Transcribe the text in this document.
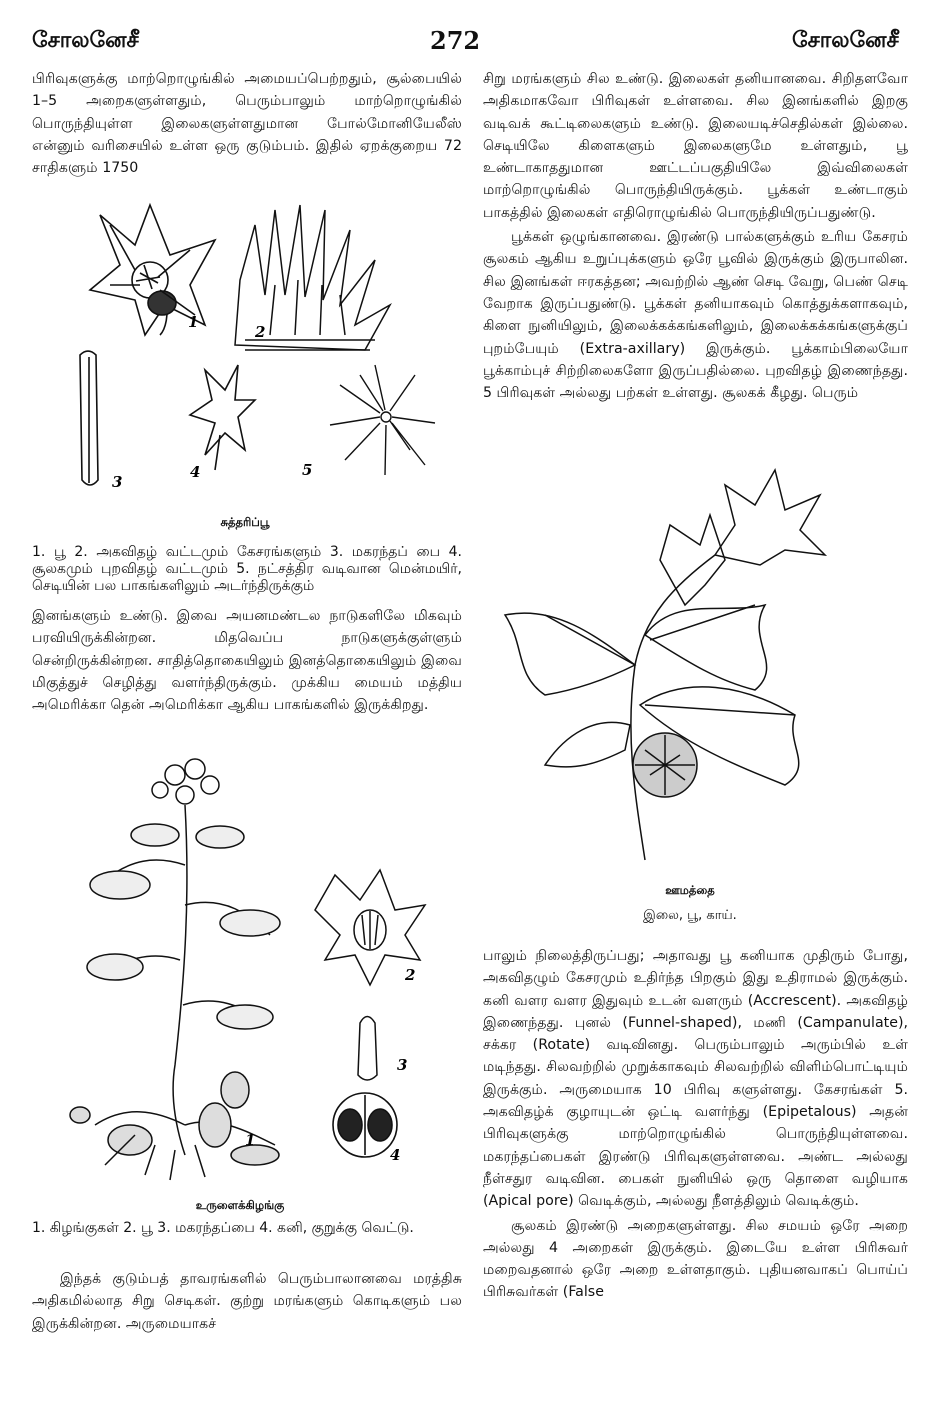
சோலனேசீ	272	சோலனேசீ

பிரிவுகளுக்கு மாற்றொழுங்கில் அமையப்பெற்றதும், சூல்பையில் 1–5 அறைகளுள்ளதும், பெரும்பாலும் மாற்றொழுங்கில் பொருந்தியுள்ள இலைகளுள்ளதுமான போல்மோனியேலீஸ் என்னும் வரிசையில் உள்ள ஒரு குடும்பம். இதில் ஏறக்குறைய 72 சாதிகளும் 1750

1
2
3
4	5
சுத்தரிப்பூ
1. பூ 2. அகவிதழ் வட்டமும் கேசரங்களும் 3. மகரந்தப் பை 4. சூலகமும் புறவிதழ் வட்டமும் 5. நட்சத்திர வடிவான மென்மயிர், செடியின் பல பாகங்களிலும் அடர்ந்திருக்கும்

இனங்களும் உண்டு. இவை அயனமண்டல நாடுகளிலே மிகவும் பரவியிருக்கின்றன. மிதவெப்ப நாடுகளுக்குள்ளும் சென்றிருக்கின்றன. சாதித்தொகையிலும் இனத்தொகையிலும் இவை மிகுத்துச் செழித்து வளர்ந்திருக்கும். முக்கிய மையம் மத்திய அமெரிக்கா தென் அமெரிக்கா ஆகிய பாகங்களில் இருக்கிறது.

2
3
4
1
உருளைக்கிழங்கு
1. கிழங்குகள் 2. பூ 3. மகரந்தப்பை 4. கனி, குறுக்கு வெட்டு.

இந்தக் குடும்பத் தாவரங்களில் பெரும்பாலானவை மரத்திசு அதிகமில்லாத சிறு செடிகள். குற்று மரங்களும் கொடிகளும் பல இருக்கின்றன. அருமையாகச்

சிறு மரங்களும் சில உண்டு. இலைகள் தனியானவை. சிறிதளவோ அதிகமாகவோ பிரிவுகள் உள்ளவை. சில இனங்களில் இறகு வடிவக் கூட்டிலைகளும் உண்டு. இலையடிச்செதில்கள் இல்லை. செடியிலே கிளைகளும் இலைகளுமே உள்ளதும், பூ உண்டாகாததுமான ஊட்டப்பகுதியிலே இவ்விலைகள் மாற்றொழுங்கில் பொருந்தியிருக்கும். பூக்கள் உண்டாகும் பாகத்தில் இலைகள் எதிரொழுங்கில் பொருந்தியிருப்பதுண்டு.

பூக்கள் ஒழுங்கானவை. இரண்டு பால்களுக்கும் உரிய கேசரம் சூலகம் ஆகிய உறுப்புக்களும் ஒரே பூவில் இருக்கும் இருபாலின. சில இனங்கள் ஈரகத்தன; அவற்றில் ஆண் செடி வேறு, பெண் செடி வேறாக இருப்பதுண்டு. பூக்கள் தனியாகவும் கொத்துக்களாகவும், கிளை நுனியிலும், இலைக்கக்கங்களிலும், இலைக்கக்கங்களுக்குப் புறம்பேயும் (Extra-axillary) இருக்கும். பூக்காம்பிலையோ பூக்காம்புச் சிற்றிலைகளோ இருப்பதில்லை. புறவிதழ் இணைந்தது. 5 பிரிவுகள் அல்லது பற்கள் உள்ளது. சூலகக் கீழது. பெரும்

ஊமத்தை
இலை, பூ, காய்.

பாலும் நிலைத்திருப்பது; அதாவது பூ கனியாக முதிரும் போது, அகவிதழும் கேசரமும் உதிர்ந்த பிறகும் இது உதிராமல் இருக்கும். கனி வளர வளர இதுவும் உடன் வளரும் (Accrescent). அகவிதழ் இணைந்தது. புனல் (Funnel-shaped), மணி (Campanulate), சக்கர (Rotate) வடிவினது. பெரும்பாலும் அரும்பில் உள் மடிந்தது. சிலவற்றில் முறுக்காகவும் சிலவற்றில் விளிம்பொட்டியும் இருக்கும். அருமையாக 10 பிரிவு களுள்ளது. கேசரங்கள் 5. அகவிதழ்க் குழாயுடன் ஒட்டி வளர்ந்து (Epipetalous) அதன் பிரிவுகளுக்கு மாற்றொழுங்கில் பொருந்தியுள்ளவை. மகரந்தப்பைகள் இரண்டு பிரிவுகளுள்ளவை. அண்ட அல்லது நீள்சதுர வடிவின. பைகள் நுனியில் ஒரு தொளை வழியாக (Apical pore) வெடிக்கும், அல்லது நீளத்திலும் வெடிக்கும்.

சூலகம் இரண்டு அறைகளுள்ளது. சில சமயம் ஒரே அறை அல்லது 4 அறைகள் இருக்கும். இடையே உள்ள பிரிசுவர் மறைவதனால் ஒரே அறை உள்ளதாகும். புதியனவாகப் பொய்ப் பிரிசுவர்கள் (False
